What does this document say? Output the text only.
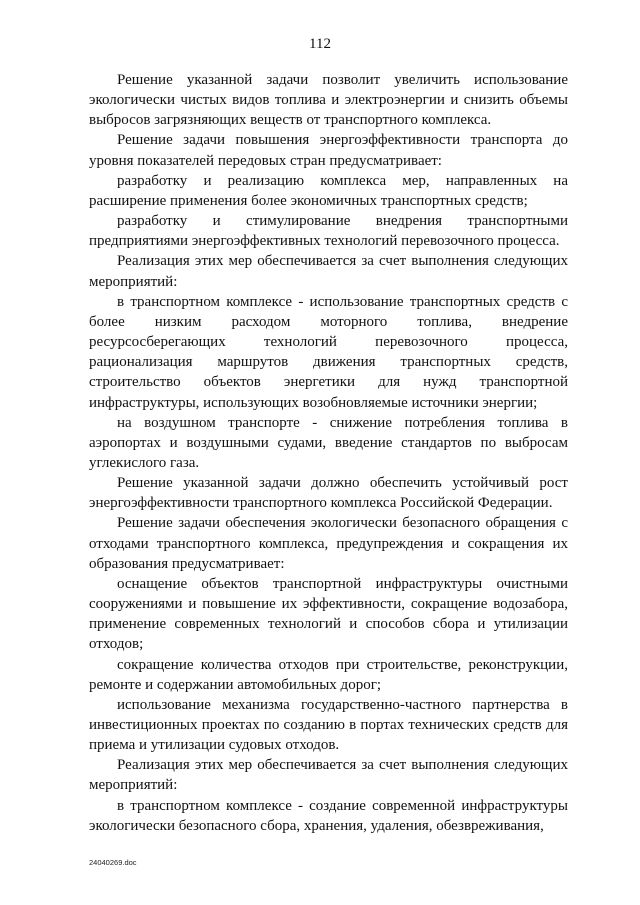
112

Решение указанной задачи позволит увеличить использование экологически чистых видов топлива и электроэнергии и снизить объемы выбросов загрязняющих веществ от транспортного комплекса.

Решение задачи повышения энергоэффективности транспорта до уровня показателей передовых стран предусматривает:

разработку и реализацию комплекса мер, направленных на расширение применения более экономичных транспортных средств;

разработку и стимулирование внедрения транспортными предприятиями энергоэффективных технологий перевозочного процесса.

Реализация этих мер обеспечивается за счет выполнения следующих мероприятий:

в транспортном комплексе - использование транспортных средств с более низким расходом моторного топлива, внедрение ресурсосберегающих технологий перевозочного процесса, рационализация маршрутов движения транспортных средств, строительство объектов энергетики для нужд транспортной инфраструктуры, использующих возобновляемые источники энергии;

на воздушном транспорте - снижение потребления топлива в аэропортах и воздушными судами, введение стандартов по выбросам углекислого газа.

Решение указанной задачи должно обеспечить устойчивый рост энергоэффективности транспортного комплекса Российской Федерации.

Решение задачи обеспечения экологически безопасного обращения с отходами транспортного комплекса, предупреждения и сокращения их образования предусматривает:

оснащение объектов транспортной инфраструктуры очистными сооружениями и повышение их эффективности, сокращение водозабора, применение современных технологий и способов сбора и утилизации отходов;

сокращение количества отходов при строительстве, реконструкции, ремонте и содержании автомобильных дорог;

использование механизма государственно-частного партнерства в инвестиционных проектах по созданию в портах технических средств для приема и утилизации судовых отходов.

Реализация этих мер обеспечивается за счет выполнения следующих мероприятий:

в транспортном комплексе - создание современной инфраструктуры экологически безопасного сбора, хранения, удаления, обезвреживания,

24040269.doc
